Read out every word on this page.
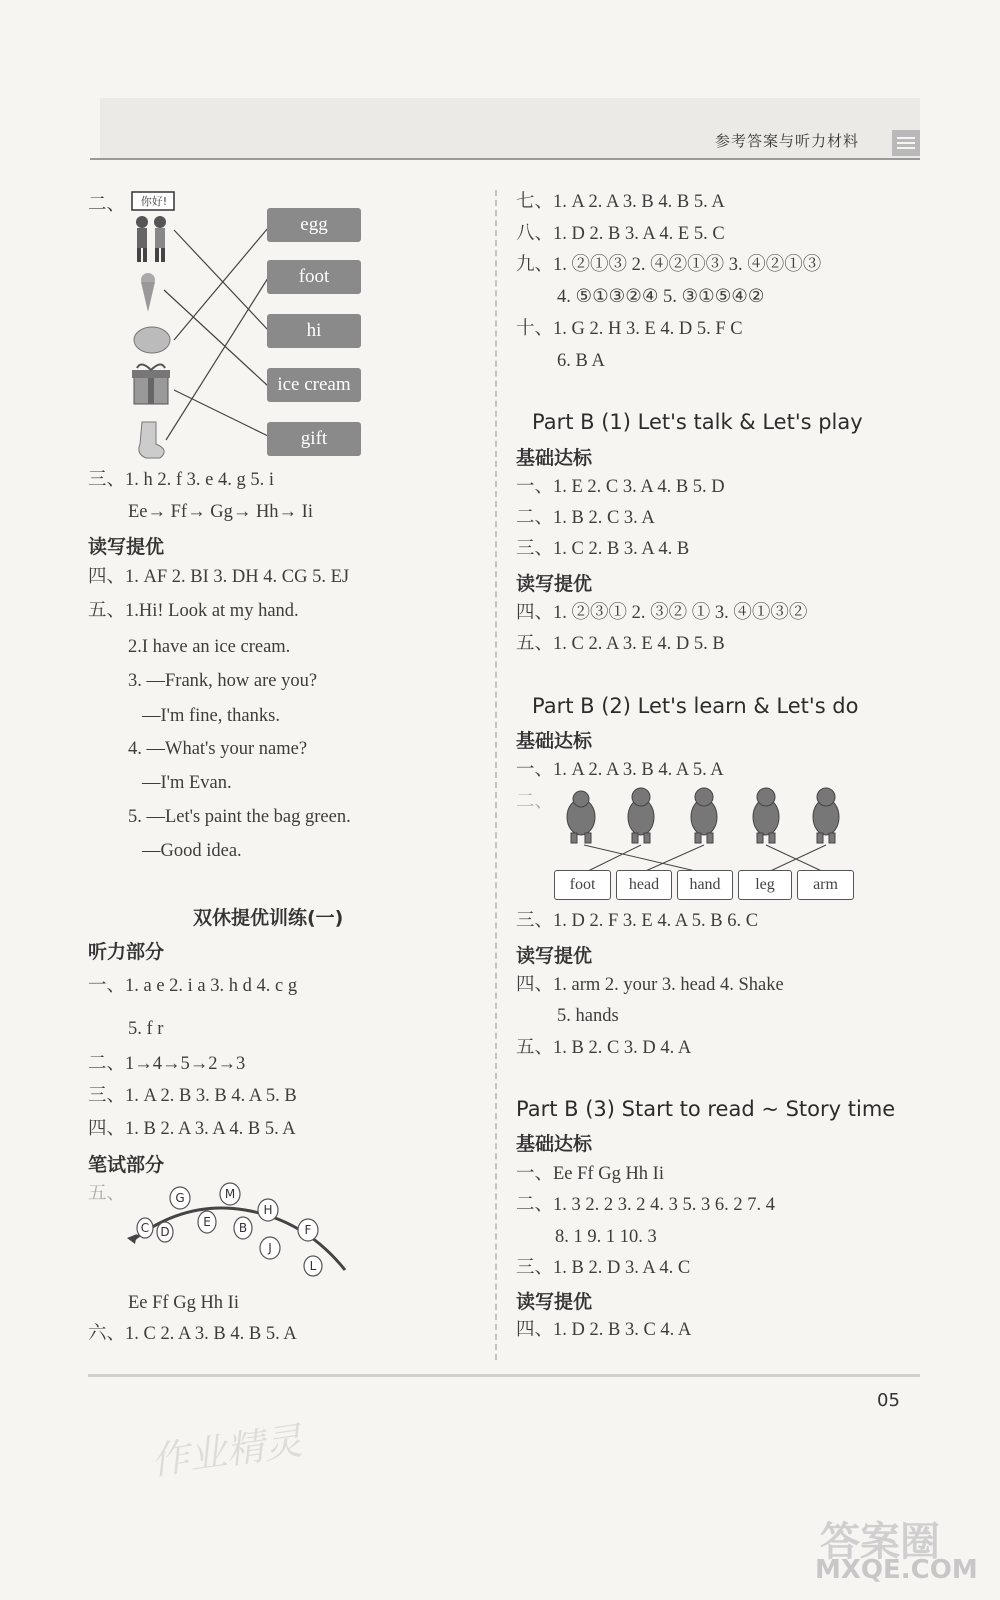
参考答案与听力材料
二、	你好!
egg
foot
hi
ice cream
gift
三、1. h 2. f 3. e 4. g 5. i
Ee→ Ff→ Gg→ Hh→ Ii
读写提优
四、1. AF 2. BI 3. DH 4. CG 5. EJ
五、1.Hi! Look at my hand.
2.I have an ice cream.
3. —Frank, how are you?
—I'm fine, thanks.
4. —What's your name?
—I'm Evan.
5. —Let's paint the bag green.
—Good idea.
双休提优训练(一)
听力部分
一、1. a e 2. i a 3. h d 4. c g
5. f r
二、1→4→5→2→3
三、1. A 2. B 3. B 4. A 5. B
四、1. B 2. A 3. A 4. B 5. A
笔试部分
五、
C
G	M
H
D
E B
J
F
L
Ee Ff Gg Hh Ii
六、1. C 2. A 3. B 4. B 5. A
七、1. A 2. A 3. B 4. B 5. A
八、1. D 2. B 3. A 4. E 5. C
九、1. ②①③ 2. ④②①③ 3. ④②①③
4. ⑤①③②④ 5. ③①⑤④②
十、1. G 2. H 3. E 4. D 5. F C
6. B A
Part B (1) Let's talk & Let's play
基础达标
一、1. E 2. C 3. A 4. B 5. D
二、1. B 2. C 3. A
三、1. C 2. B 3. A 4. B
读写提优
四、1. ②③① 2. ③② ① 3. ④①③②
五、1. C 2. A 3. E 4. D 5. B
Part B (2) Let's learn & Let's do
基础达标
一、1. A 2. A 3. B 4. A 5. A
二、
foot	head	hand	leg	arm
三、1. D 2. F 3. E 4. A 5. B 6. C
读写提优
四、1. arm 2. your 3. head 4. Shake
5. hands
五、1. B 2. C 3. D 4. A
Part B (3) Start to read ~ Story time
基础达标
一、Ee Ff Gg Hh Ii
二、1. 3 2. 2 3. 2 4. 3 5. 3 6. 2 7. 4
8. 1 9. 1 10. 3
三、1. B 2. D 3. A 4. C
读写提优
四、1. D 2. B 3. C 4. A
05
作业精灵
答案圈
MXQE.COM
